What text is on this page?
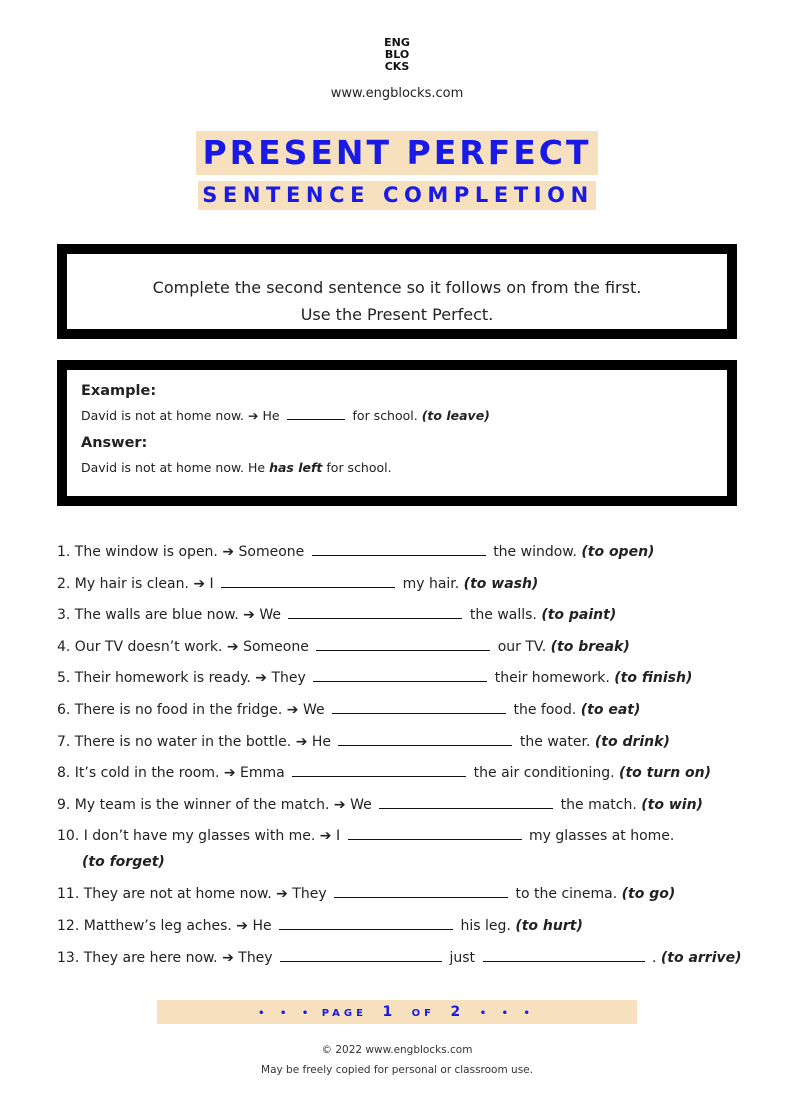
ENG
BLO
CKS
www.engblocks.com
PRESENT PERFECT
SENTENCE COMPLETION
Complete the second sentence so it follows on from the first.
Use the Present Perfect.
Example:
David is not at home now. ➔ He	for school. (to leave)
Answer:
David is not at home now. He has left for school.
1. The window is open. ➔ Someone	the window. (to open)
2. My hair is clean. ➔ I	my hair. (to wash)
3. The walls are blue now. ➔ We	the walls. (to paint)
4. Our TV doesn’t work. ➔ Someone	our TV. (to break)
5. Their homework is ready. ➔ They	their homework. (to finish)
6. There is no food in the fridge. ➔ We	the food. (to eat)
7. There is no water in the bottle. ➔ He	the water. (to drink)
8. It’s cold in the room. ➔ Emma	the air conditioning. (to turn on)
9. My team is the winner of the match. ➔ We	the match. (to win)
10. I don’t have my glasses with me. ➔ I	my glasses at home.
(to forget)
11. They are not at home now. ➔ They	to the cinema. (to go)
12. Matthew’s leg aches. ➔ He	his leg. (to hurt)
13. They are here now. ➔ They	just	. (to arrive)
• • • PAGE 1 OF 2 • • •
© 2022 www.engblocks.com
May be freely copied for personal or classroom use.
